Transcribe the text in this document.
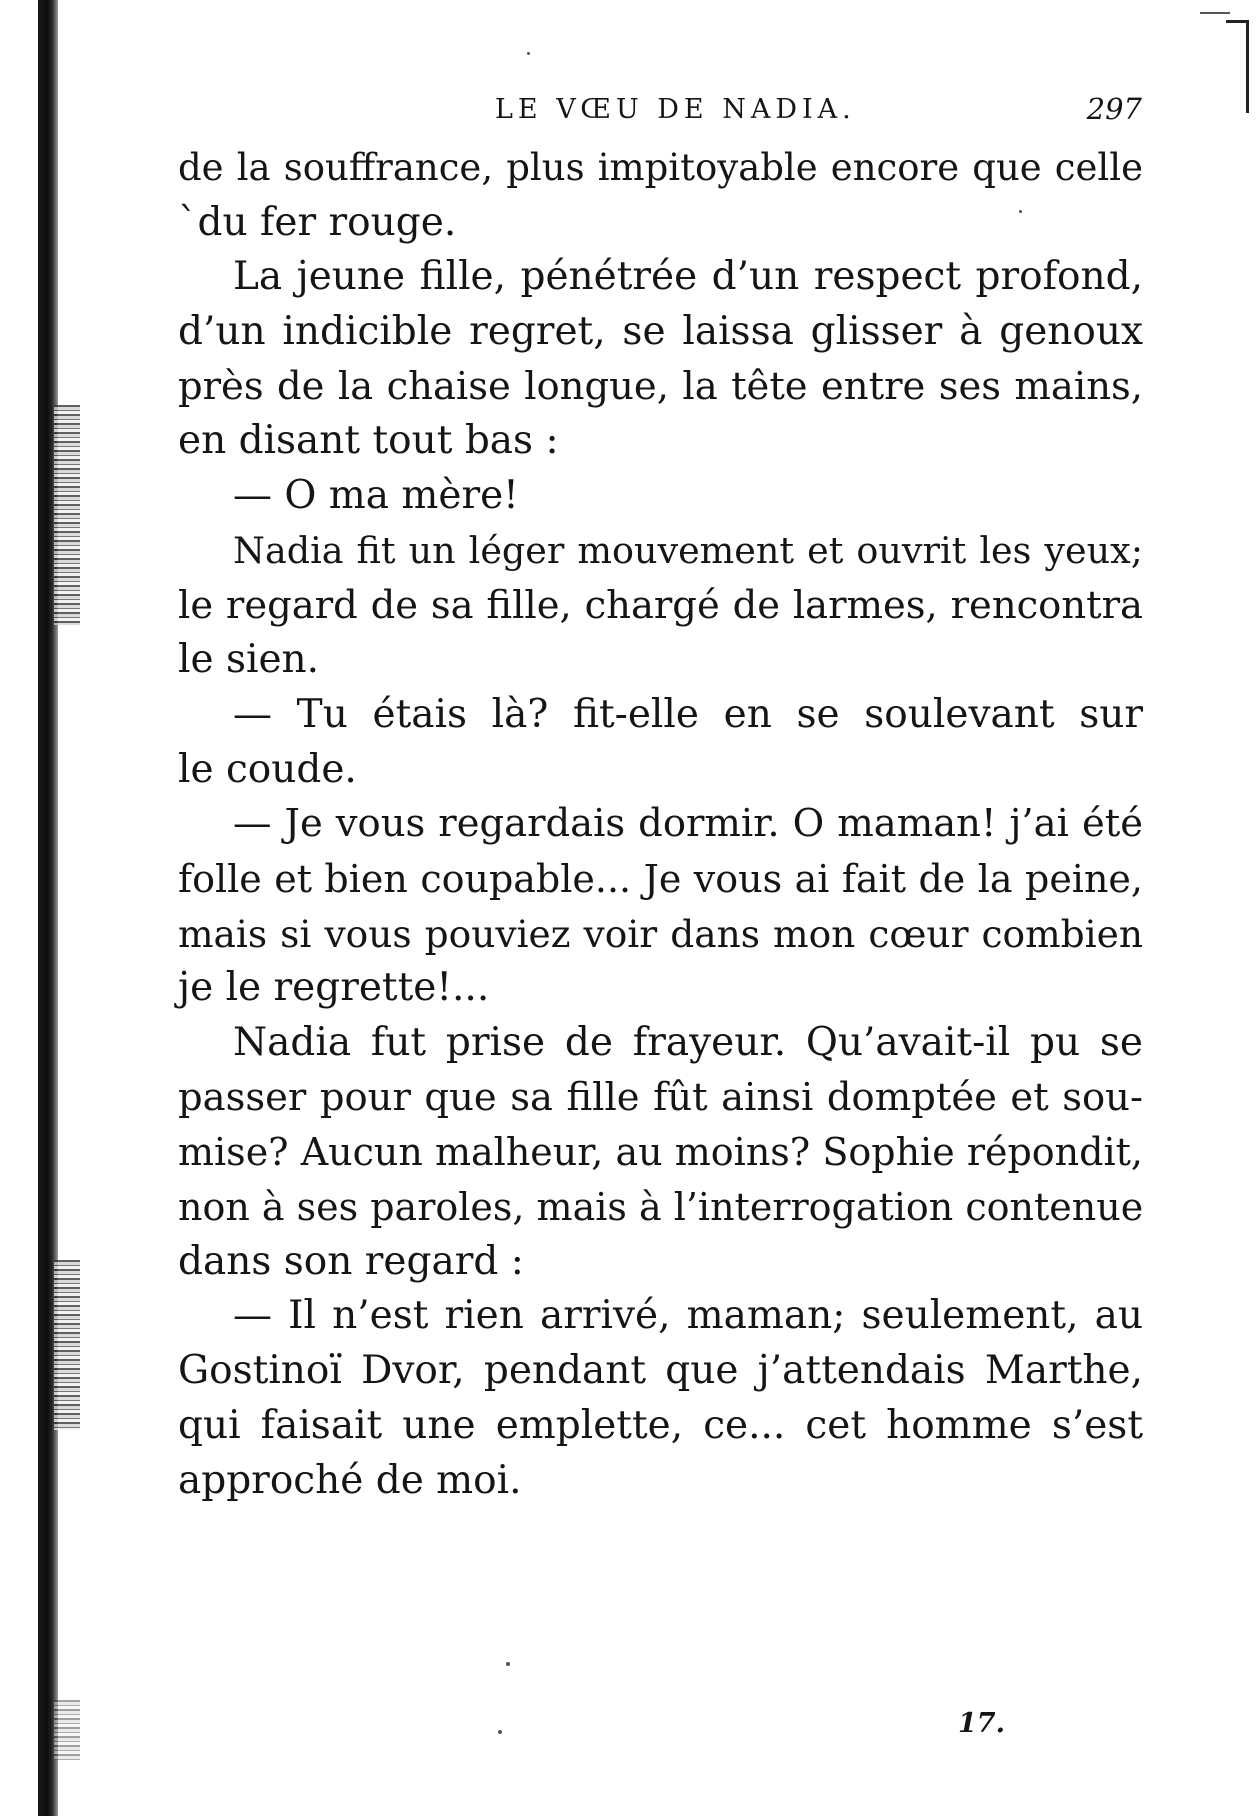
LE VŒU DE NADIA.	297
de la souffrance, plus impitoyable encore que celle
`du fer rouge.
La jeune fille, pénétrée d’un respect profond,
d’un indicible regret, se laissa glisser à genoux
près de la chaise longue, la tête entre ses mains,
en disant tout bas :
— O ma mère!
Nadia fit un léger mouvement et ouvrit les yeux;
le regard de sa fille, chargé de larmes, rencontra
le sien.
— Tu étais là? fit-elle en se soulevant sur
le coude.
— Je vous regardais dormir. O maman! j’ai été
folle et bien coupable... Je vous ai fait de la peine,
mais si vous pouviez voir dans mon cœur combien
je le regrette!...
Nadia fut prise de frayeur. Qu’avait-il pu se
passer pour que sa fille fût ainsi domptée et sou-
mise? Aucun malheur, au moins? Sophie répondit,
non à ses paroles, mais à l’interrogation contenue
dans son regard :
— Il n’est rien arrivé, maman; seulement, au
Gostinoï Dvor, pendant que j’attendais Marthe,
qui faisait une emplette, ce... cet homme s’est
approché de moi.
17.
